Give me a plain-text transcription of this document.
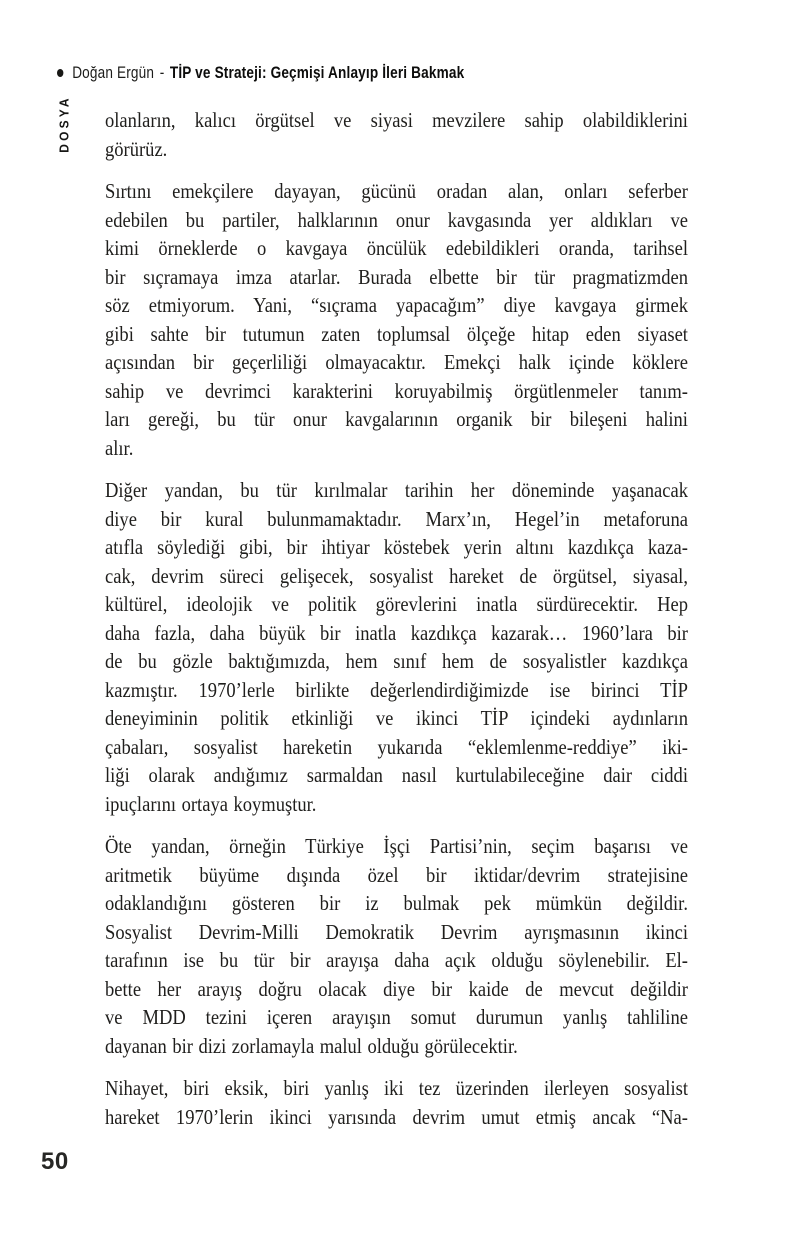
Doğan Ergün - TİP ve Strateji: Geçmişi Anlayıp İleri Bakmak
DOSYA olanların, kalıcı örgütsel ve siyasi mevzilere sahip olabildiklerini
görürüz.
Sırtını emekçilere dayayan, gücünü oradan alan, onları seferber
edebilen bu partiler, halklarının onur kavgasında yer aldıkları ve
kimi örneklerde o kavgaya öncülük edebildikleri oranda, tarihsel
bir sıçramaya imza atarlar. Burada elbette bir tür pragmatizmden
söz etmiyorum. Yani, “sıçrama yapacağım” diye kavgaya girmek
gibi sahte bir tutumun zaten toplumsal ölçeğe hitap eden siyaset
açısından bir geçerliliği olmayacaktır. Emekçi halk içinde köklere
sahip ve devrimci karakterini koruyabilmiş örgütlenmeler tanım-
ları gereği, bu tür onur kavgalarının organik bir bileşeni halini
alır.
Diğer yandan, bu tür kırılmalar tarihin her döneminde yaşanacak
diye bir kural bulunmamaktadır. Marx’ın, Hegel’in metaforuna
atıfla söylediği gibi, bir ihtiyar köstebek yerin altını kazdıkça kaza-
cak, devrim süreci gelişecek, sosyalist hareket de örgütsel, siyasal,
kültürel, ideolojik ve politik görevlerini inatla sürdürecektir. Hep
daha fazla, daha büyük bir inatla kazdıkça kazarak… 1960’lara bir
de bu gözle baktığımızda, hem sınıf hem de sosyalistler kazdıkça
kazmıştır. 1970’lerle birlikte değerlendirdiğimizde ise birinci TİP
deneyiminin politik etkinliği ve ikinci TİP içindeki aydınların
çabaları, sosyalist hareketin yukarıda “eklemlenme-reddiye” iki-
liği olarak andığımız sarmaldan nasıl kurtulabileceğine dair ciddi
ipuçlarını ortaya koymuştur.
Öte yandan, örneğin Türkiye İşçi Partisi’nin, seçim başarısı ve
aritmetik büyüme dışında özel bir iktidar/devrim stratejisine
odaklandığını gösteren bir iz bulmak pek mümkün değildir.
Sosyalist Devrim-Milli Demokratik Devrim ayrışmasının ikinci
tarafının ise bu tür bir arayışa daha açık olduğu söylenebilir. El-
bette her arayış doğru olacak diye bir kaide de mevcut değildir
ve MDD tezini içeren arayışın somut durumun yanlış tahliline
dayanan bir dizi zorlamayla malul olduğu görülecektir.
Nihayet, biri eksik, biri yanlış iki tez üzerinden ilerleyen sosyalist
hareket 1970’lerin ikinci yarısında devrim umut etmiş ancak “Na-
50
